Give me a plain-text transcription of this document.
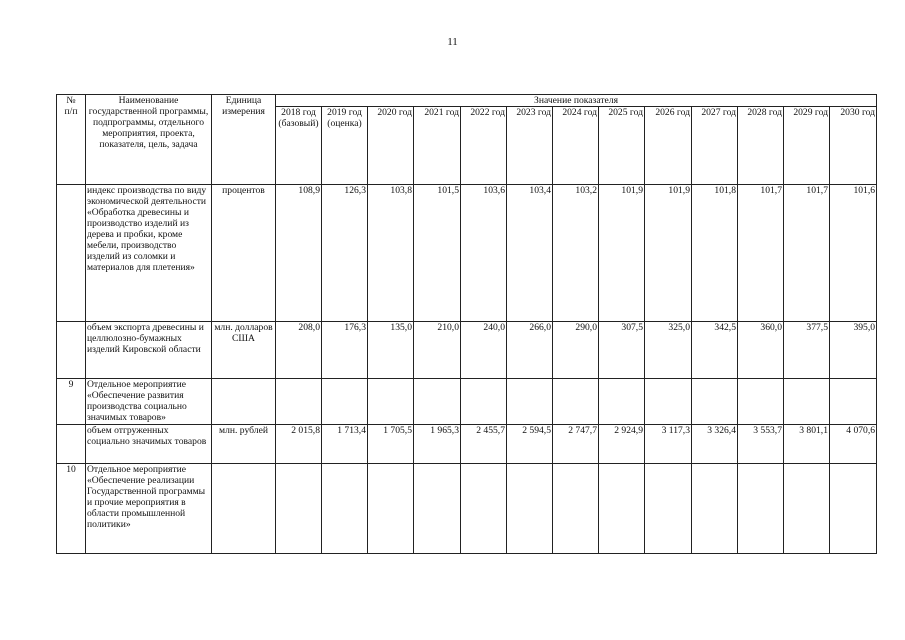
11
№
п/п	Наименование государственной программы, подпрограммы, отдельного мероприятия, проекта, показателя, цель, задача	Единица измерения	Значение показателя												
			2018 год (базовый)	2019 год (оценка)	2020 год	2021 год	2022 год	2023 год	2024 год	2025 год	2026 год	2027 год	2028 год	2029 год	2030 год
	индекс производства по виду экономической деятельности «Обработка древесины и производство изделий из дерева и пробки, кроме мебели, производство изделий из соломки и материалов для плетения»	процентов	108,9	126,3	103,8	101,5	103,6	103,4	103,2	101,9	101,9	101,8	101,7	101,7	101,6
	объем экспорта древесины и целлюлозно-бумажных изделий Кировской области	млн. долларов США	208,0	176,3	135,0	210,0	240,0	266,0	290,0	307,5	325,0	342,5	360,0	377,5	395,0
9	Отдельное мероприятие «Обеспечение развития производства социально значимых товаров»														
	объем отгруженных социально значимых товаров	млн. рублей	2 015,8	1 713,4	1 705,5	1 965,3	2 455,7	2 594,5	2 747,7	2 924,9	3 117,3	3 326,4	3 553,7	3 801,1	4 070,6
10	Отдельное мероприятие «Обеспечение реализации Государственной программы и прочие мероприятия в области промышленной политики»														
